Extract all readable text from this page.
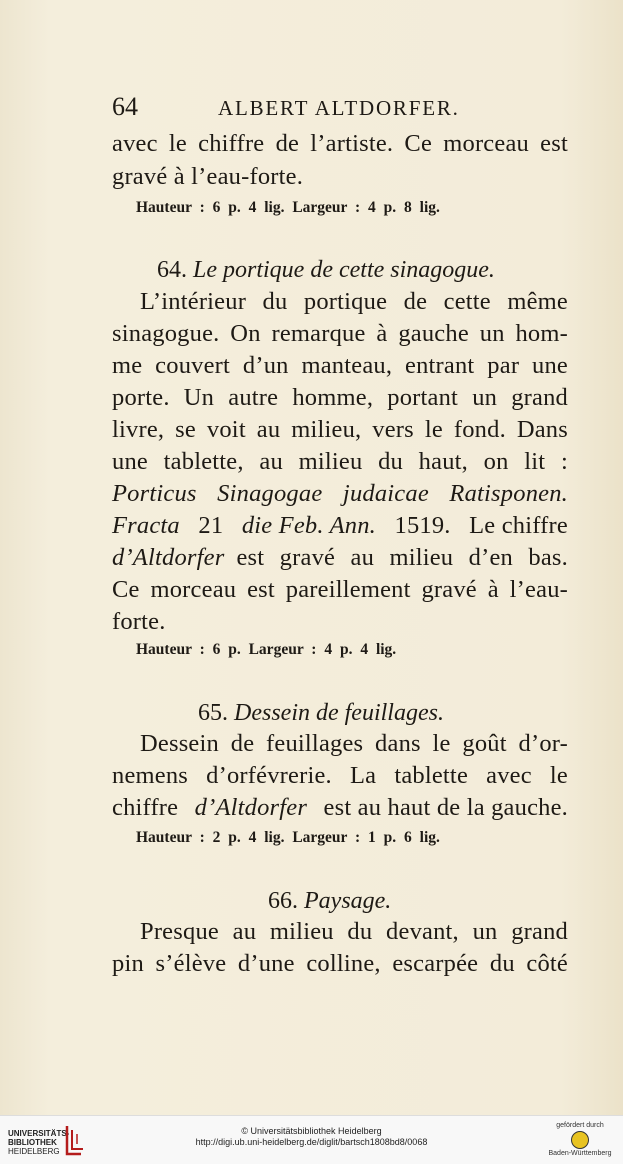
64	ALBERT ALTDORFER.
avec le chiffre de l’artiste. Ce morceau est
gravé à l’eau-forte.
Hauteur : 6 p. 4 lig. Largeur : 4 p. 8 lig.
64. Le portique de cette sinagogue.
L’intérieur du portique de cette même
sinagogue. On remarque à gauche un hom-
me couvert d’un manteau, entrant par une
porte. Un autre homme, portant un grand
livre, se voit au milieu, vers le fond. Dans
une tablette, au milieu du haut, on lit :
Porticus Sinagogae judaicae Ratisponen.
Fracta 21 die Feb. Ann. 1519. Le chiffre
d’Altdorfer est gravé au milieu d’en bas.
Ce morceau est pareillement gravé à l’eau-
forte.
Hauteur : 6 p. Largeur : 4 p. 4 lig.
65. Dessein de feuillages.
Dessein de feuillages dans le goût d’or-
nemens d’orfévrerie. La tablette avec le
chiffre d’Altdorfer est au haut de la gauche.
Hauteur : 2 p. 4 lig. Largeur : 1 p. 6 lig.
66. Paysage.
Presque au milieu du devant, un grand
pin s’élève d’une colline, escarpée du côté
UNIVERSITÄTS-
BIBLIOTHEK
HEIDELBERG
© Universitätsbibliothek Heidelberg
http://digi.ub.uni-heidelberg.de/diglit/bartsch1808bd8/0068
gefördert durch
Baden-Württemberg
